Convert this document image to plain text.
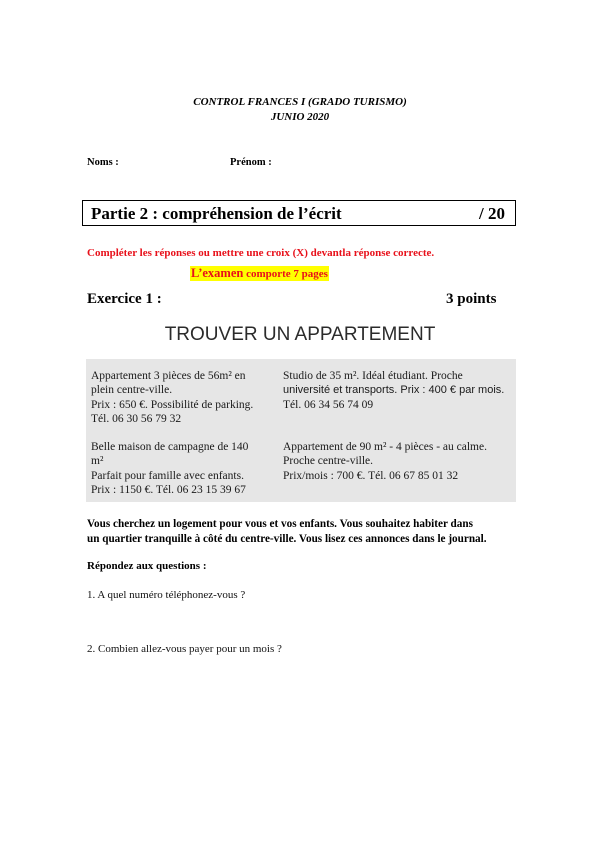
CONTROL FRANCES I (GRADO TURISMO)
JUNIO 2020
Noms :	Prénom :
Partie 2 : compréhension de l’écrit	/ 20
Compléter les réponses ou mettre une croix (X) devantla réponse correcte.
L’examen comporte 7 pages
Exercice 1 :	3 points
TROUVER UN APPARTEMENT
Appartement 3 pièces de 56m² en
plein centre-ville.
Prix : 650 €. Possibilité de parking.
Tél. 06 30 56 79 32
Studio de 35 m². Idéal étudiant. Proche
université et transports. Prix : 400 € par mois.
Tél. 06 34 56 74 09
Belle maison de campagne de 140
m²
Parfait pour famille avec enfants.
Prix : 1150 €. Tél. 06 23 15 39 67
Appartement de 90 m² - 4 pièces - au calme.
Proche centre-ville.
Prix/mois : 700 €. Tél. 06 67 85 01 32
Vous cherchez un logement pour vous et vos enfants. Vous souhaitez habiter dans
un quartier tranquille à côté du centre-ville. Vous lisez ces annonces dans le journal.
Répondez aux questions :
1. A quel numéro téléphonez-vous ?
2. Combien allez-vous payer pour un mois ?
